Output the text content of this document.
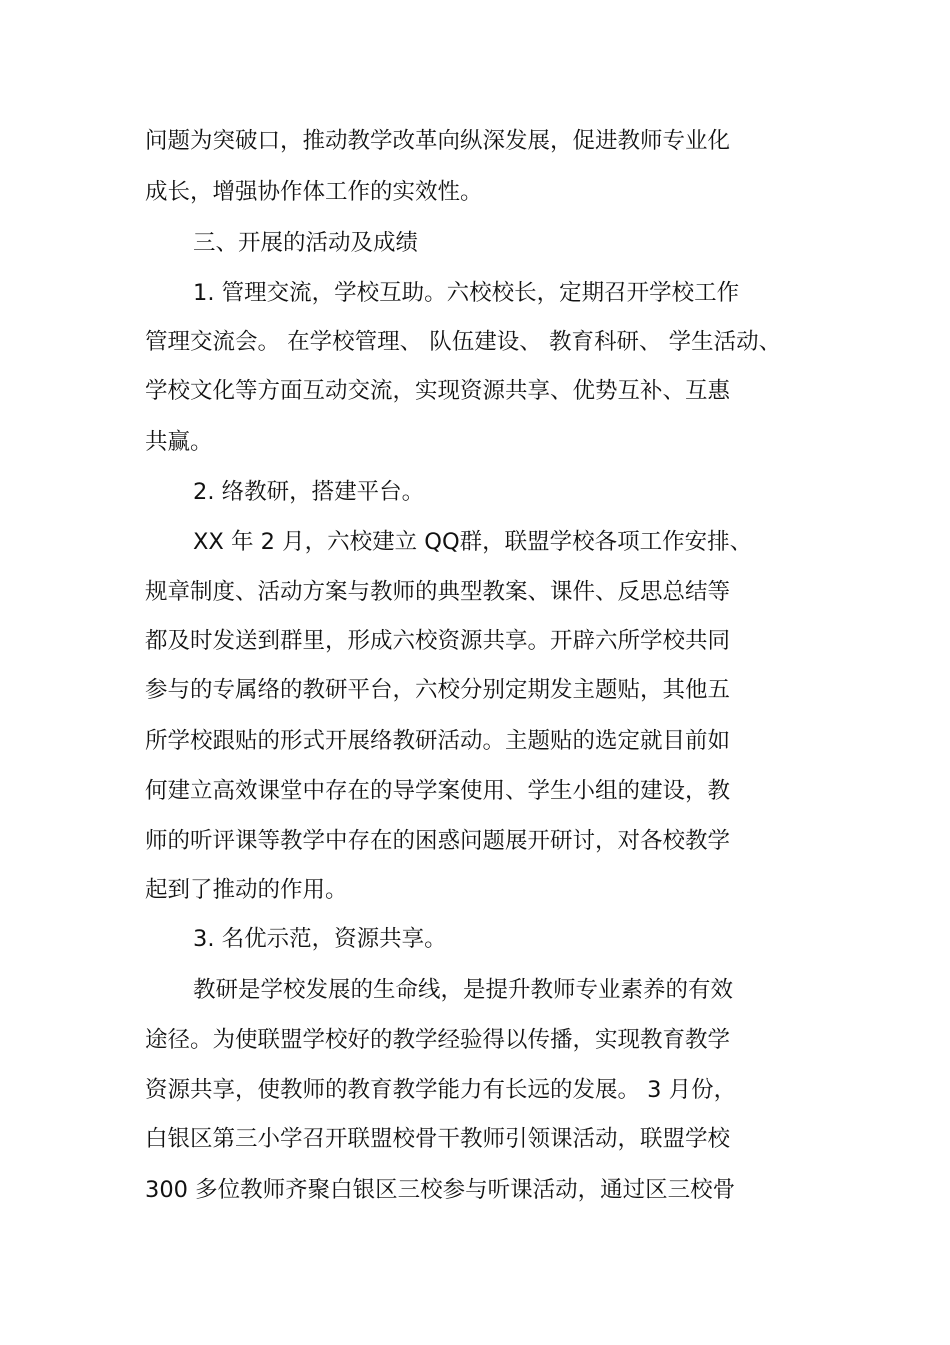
问题为突破口，推动教学改革向纵深发展，促进教师专业化
成长，增强协作体工作的实效性。
三、开展的活动及成绩
1. 管理交流，学校互助。六校校长，定期召开学校工作
管理交流会。 在学校管理、 队伍建设、 教育科研、 学生活动、
学校文化等方面互动交流，实现资源共享、优势互补、互惠
共赢。
2. 络教研，搭建平台。
XX 年 2 月，六校建立 QQ群，联盟学校各项工作安排、
规章制度、活动方案与教师的典型教案、课件、反思总结等
都及时发送到群里，形成六校资源共享。开辟六所学校共同
参与的专属络的教研平台，六校分别定期发主题贴，其他五
所学校跟贴的形式开展络教研活动。主题贴的选定就目前如
何建立高效课堂中存在的导学案使用、学生小组的建设，教
师的听评课等教学中存在的困惑问题展开研讨，对各校教学
起到了推动的作用。
3. 名优示范，资源共享。
教研是学校发展的生命线，是提升教师专业素养的有效
途径。为使联盟学校好的教学经验得以传播，实现教育教学
资源共享，使教师的教育教学能力有长远的发展。 3 月份，
白银区第三小学召开联盟校骨干教师引领课活动，联盟学校
300 多位教师齐聚白银区三校参与听课活动，通过区三校骨
